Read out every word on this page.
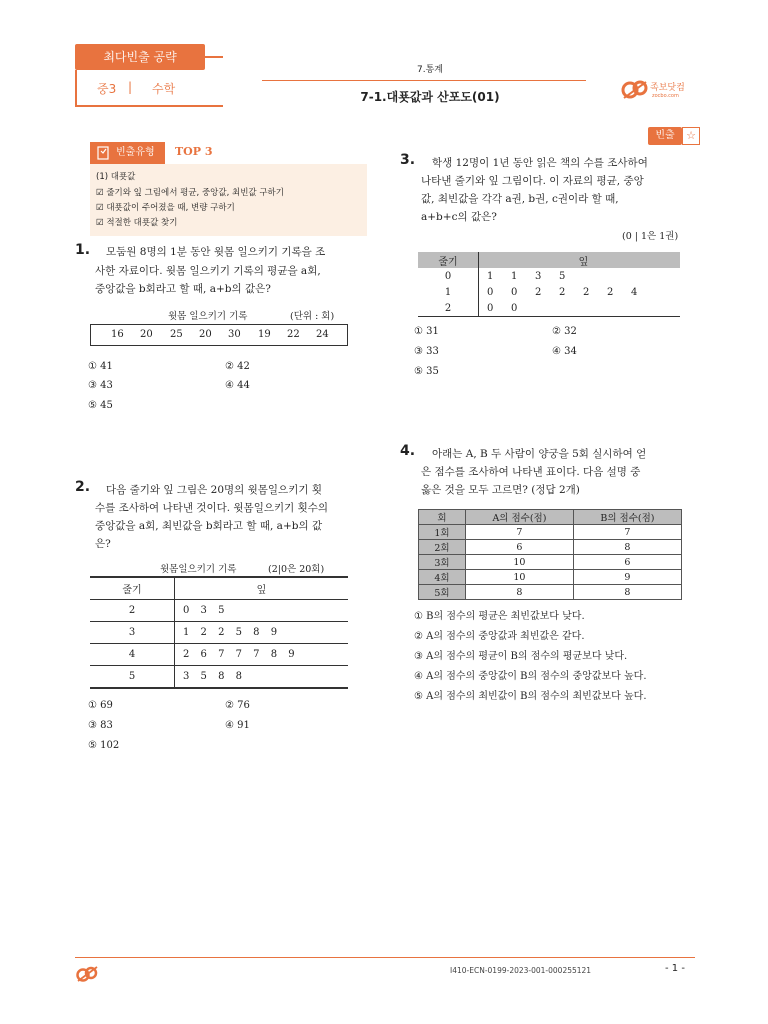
최다빈출 공략
중3 | 수학
7.통계
7-1.대푯값과 산포도(01)
족보닷컴
zocbo.com
빈출	☆
빈출유형 TOP 3
(1) 대푯값
☑ 줄기와 잎 그림에서 평균, 중앙값, 최빈값 구하기
☑ 대푯값이 주어졌을 때, 변량 구하기
☑ 적절한 대푯값 찾기
1. 모둠원 8명의 1분 동안 윗몸 일으키기 기록을 조
사한 자료이다. 윗몸 일으키기 기록의 평균을 a회,
중앙값을 b회라고 할 때, a+b의 값은?
윗몸 일으키기 기록	(단위 : 회)
16 20 25 20 30 19 22 24
① 41	② 42
③ 43	④ 44
⑤ 45
2. 다음 줄기와 잎 그림은 20명의 윗몸일으키기 횟
수를 조사하여 나타낸 것이다. 윗몸일으키기 횟수의
중앙값을 a회, 최빈값을 b회라고 할 때, a+b의 값
은?
윗몸일으키기 기록	(2|0은 20회)
줄기	잎
2	0 3 5
3	1 2 2 5 8 9
4	2 6 7 7 7 8 9
5	3 5 8 8
① 69	② 76
③ 83	④ 91
⑤ 102
3. 학생 12명이 1년 동안 읽은 책의 수를 조사하여
나타낸 줄기와 잎 그림이다. 이 자료의 평균, 중앙
값, 최빈값을 각각 a권, b권, c권이라 할 때,
a+b+c의 값은?
(0 | 1은 1권)
줄기	잎						
0	1	1	3	5			
1	0	0	2	2	2	2	4
2	0	0					
① 31	② 32
③ 33	④ 34
⑤ 35
4. 아래는 A, B 두 사람이 양궁을 5회 실시하여 얻
은 점수를 조사하여 나타낸 표이다. 다음 설명 중
옳은 것을 모두 고르면? (정답 2개)
회	A의 점수(점)	B의 점수(점)
1회	7	7
2회	6	8
3회	10	6
4회	10	9
5회	8	8
① B의 점수의 평균은 최빈값보다 낮다.
② A의 점수의 중앙값과 최빈값은 같다.
③ A의 점수의 평균이 B의 점수의 평균보다 낮다.
④ A의 점수의 중앙값이 B의 점수의 중앙값보다 높다.
⑤ A의 점수의 최빈값이 B의 점수의 최빈값보다 높다.
I410-ECN-0199-2023-001-000255121	- 1 -
